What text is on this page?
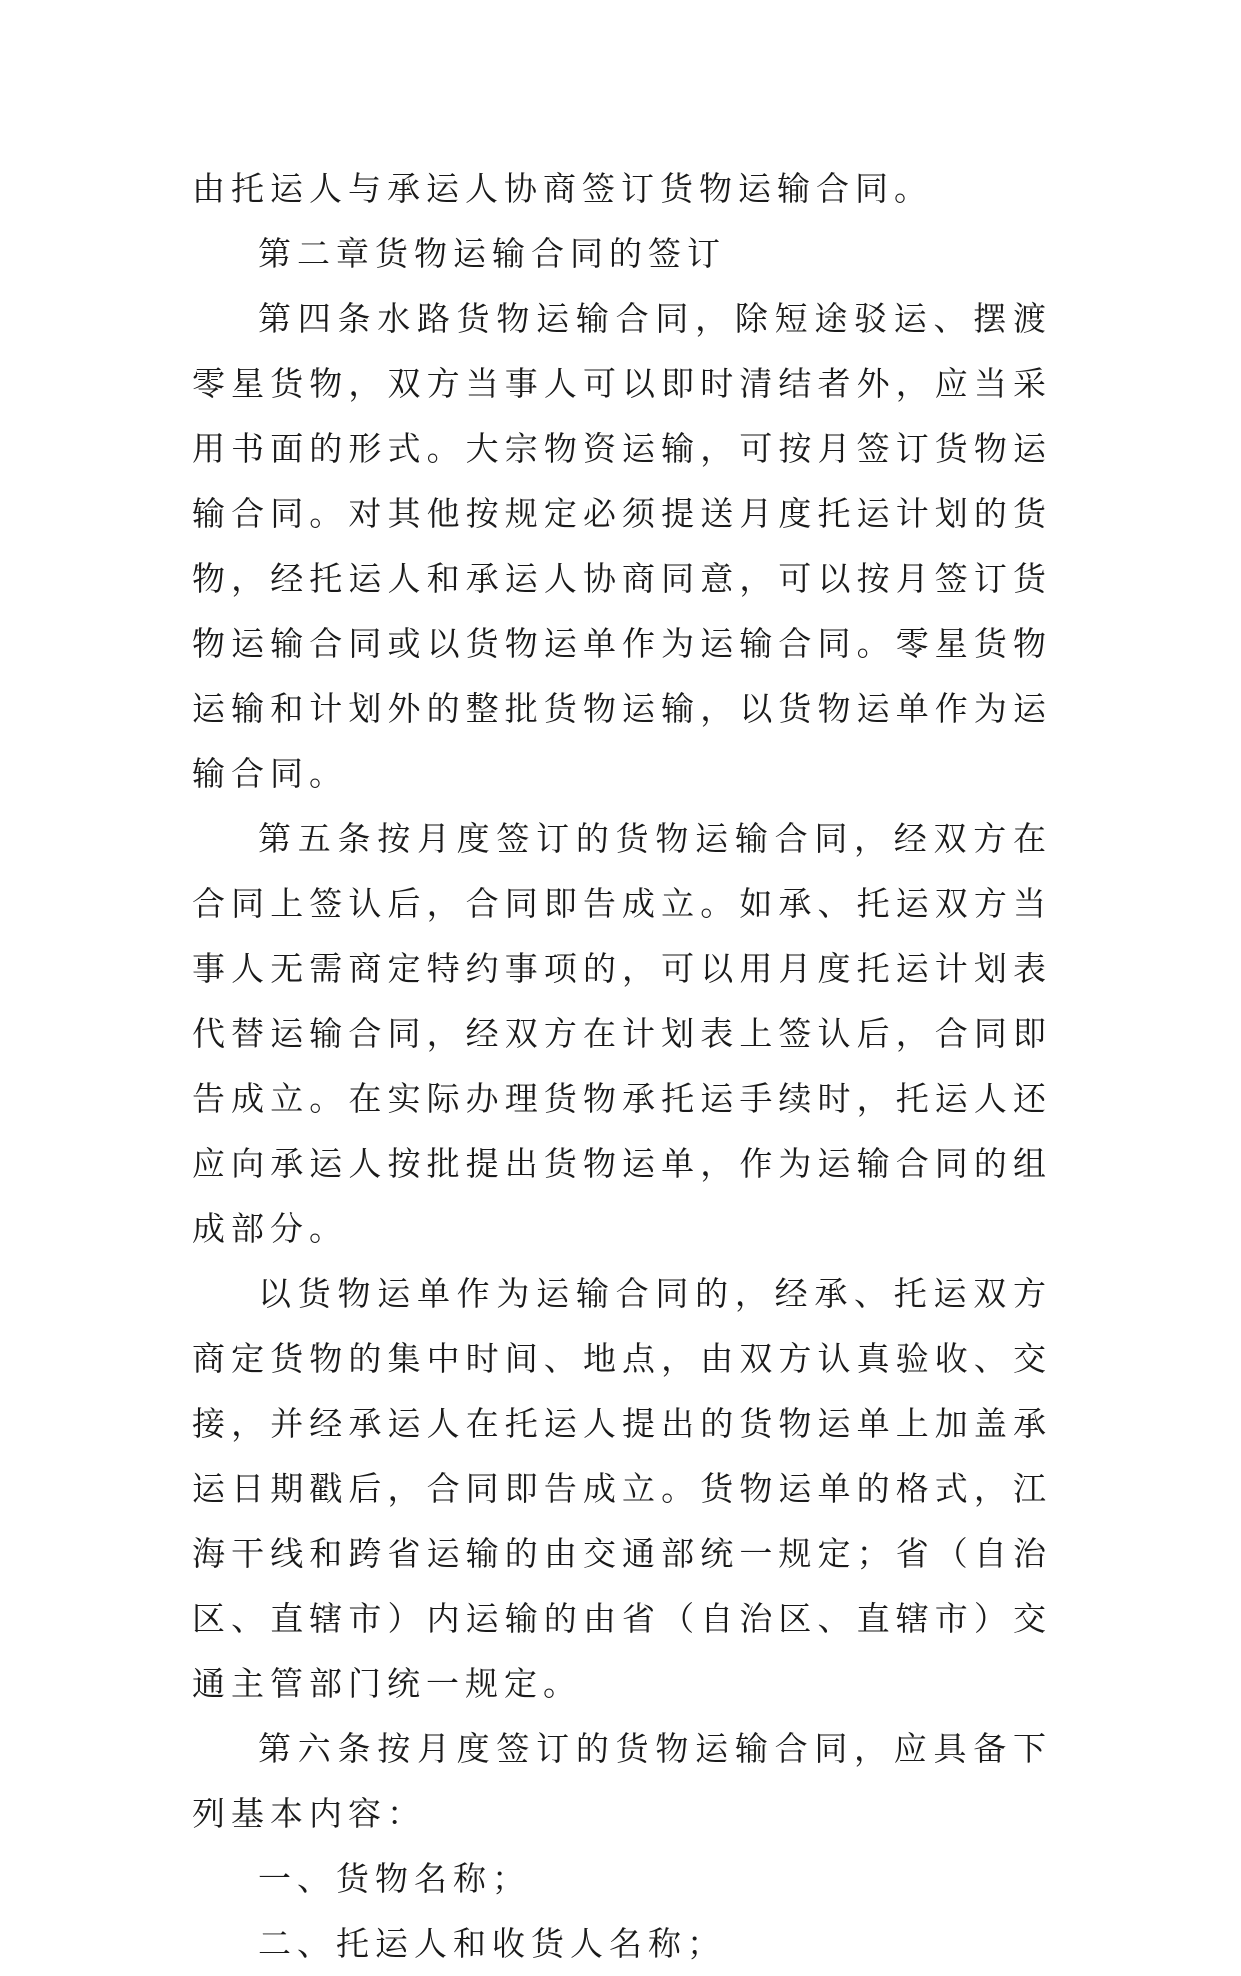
由托运人与承运人协商签订货物运输合同。

第二章货物运输合同的签订

第四条水路货物运输合同，除短途驳运、摆渡零星货物，双方当事人可以即时清结者外，应当采用书面的形式。大宗物资运输，可按月签订货物运输合同。对其他按规定必须提送月度托运计划的货物，经托运人和承运人协商同意，可以按月签订货物运输合同或以货物运单作为运输合同。零星货物运输和计划外的整批货物运输，以货物运单作为运输合同。

第五条按月度签订的货物运输合同，经双方在合同上签认后，合同即告成立。如承、托运双方当事人无需商定特约事项的，可以用月度托运计划表代替运输合同，经双方在计划表上签认后，合同即告成立。在实际办理货物承托运手续时，托运人还应向承运人按批提出货物运单，作为运输合同的组成部分。

以货物运单作为运输合同的，经承、托运双方商定货物的集中时间、地点，由双方认真验收、交接，并经承运人在托运人提出的货物运单上加盖承运日期戳后，合同即告成立。货物运单的格式，江海干线和跨省运输的由交通部统一规定；省（自治区、直辖市）内运输的由省（自治区、直辖市）交通主管部门统一规定。

第六条按月度签订的货物运输合同，应具备下列基本内容：

一、货物名称；

二、托运人和收货人名称；
